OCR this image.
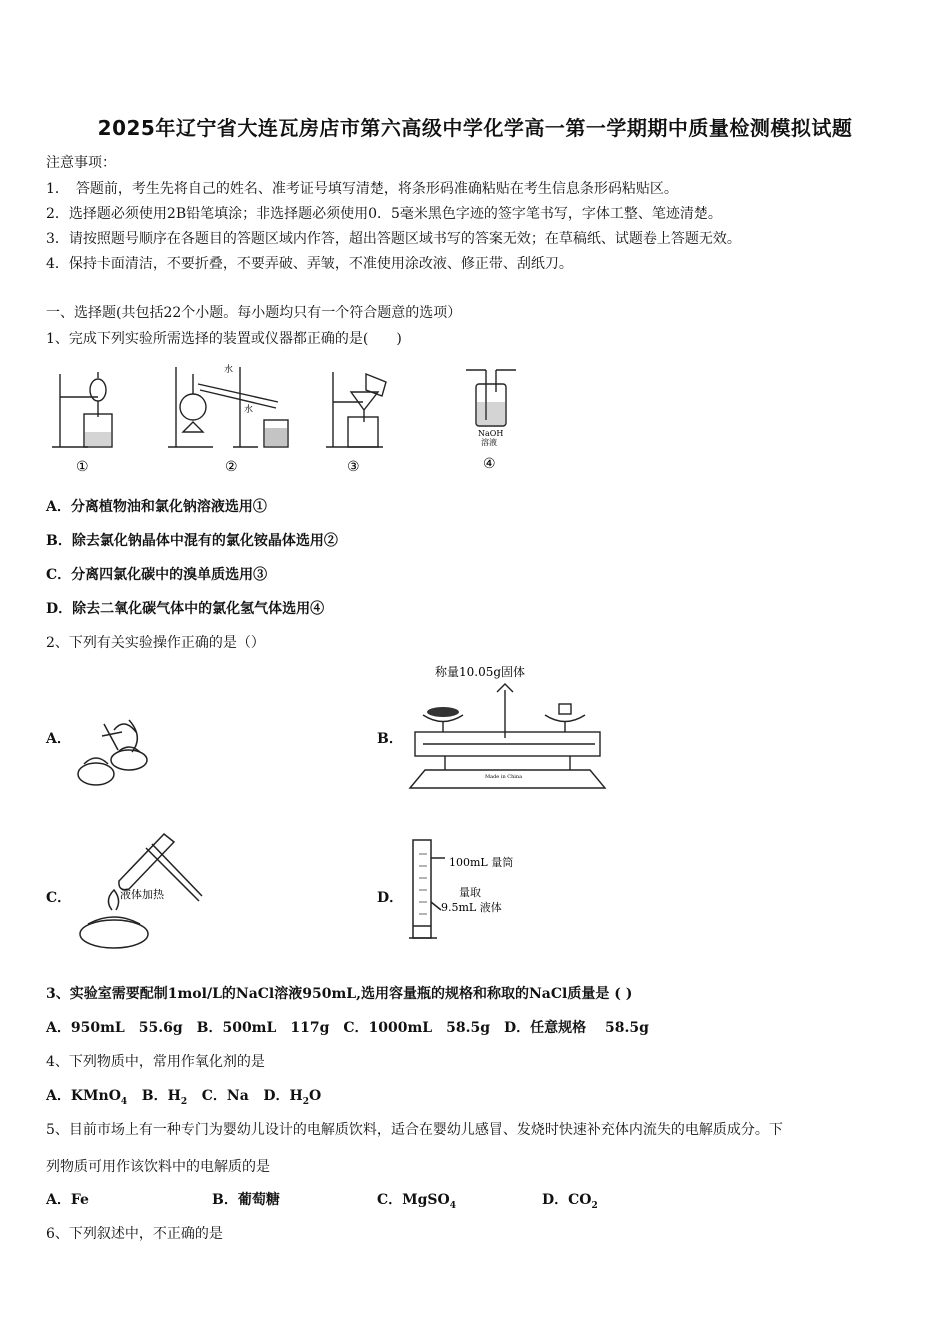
2025年辽宁省大连瓦房店市第六高级中学化学高一第一学期期中质量检测模拟试题
注意事项：
1．　答题前，考生先将自己的姓名、准考证号填写清楚，将条形码准确粘贴在考生信息条形码粘贴区。
2．选择题必须使用2B铅笔填涂；非选择题必须使用0．5毫米黑色字迹的签字笔书写，字体工整、笔迹清楚。
3．请按照题号顺序在各题目的答题区域内作答，超出答题区域书写的答案无效；在草稿纸、试题卷上答题无效。
4．保持卡面清洁，不要折叠，不要弄破、弄皱，不准使用涂改液、修正带、刮纸刀。
一、选择题(共包括22个小题。每小题均只有一个符合题意的选项）
1、完成下列实验所需选择的装置或仪器都正确的是(　　)
水
水
NaOH
溶液
①	②	③	④
A．分离植物油和氯化钠溶液选用①
B．除去氯化钠晶体中混有的氯化铵晶体选用②
C．分离四氯化碳中的溴单质选用③
D．除去二氧化碳气体中的氯化氢气体选用④
2、下列有关实验操作正确的是（）
A．	B．
称量10.05g固体
Made in China
C．	液体加热	D．
100mL 量筒
量取
9.5mL 液体
3、实验室需要配制1mol/L的NaCl溶液950mL,选用容量瓶的规格和称取的NaCl质量是 ( )
A．950mL　55.6g　B．500mL　117g　C．1000mL　58.5g　D．任意规格　 58.5g
4、下列物质中，常用作氧化剂的是
A．KMnO$_4$ B．$H_2$ C．Na D．$H_2O$
5、目前市场上有一种专门为婴幼儿设计的电解质饮料，适合在婴幼儿感冒、发烧时快速补充体内流失的电解质成分。下
列物质可用作该饮料中的电解质的是
A．Fe	B．葡萄糖	C．MgSO$_4$	D．$CO_2$
6、下列叙述中，不正确的是
